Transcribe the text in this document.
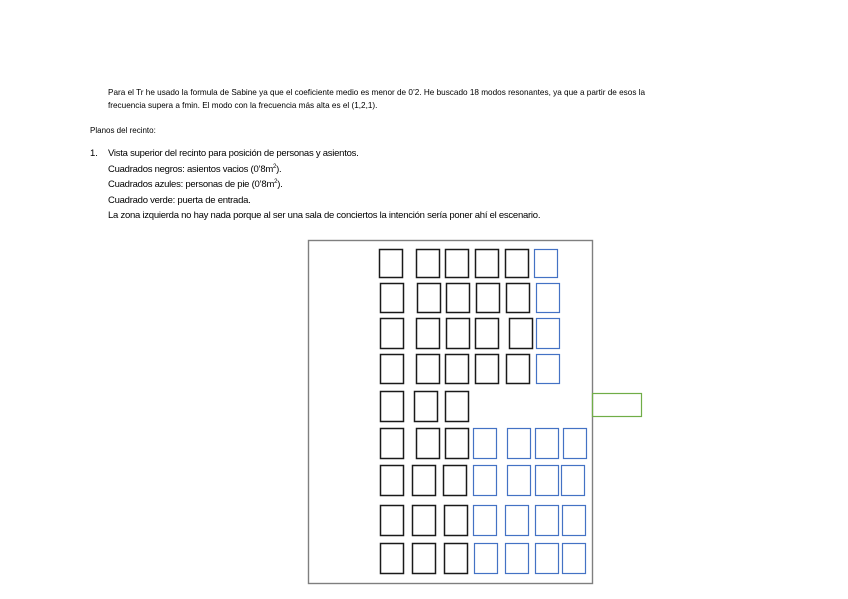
Para el Tr he usado la formula de Sabine ya que el coeficiente medio es menor de 0’2. He buscado 18 modos resonantes, ya que a partir de esos la
frecuencia supera a fmin. El modo con la frecuencia más alta es el (1,2,1).
Planos del recinto:
1. Vista superior del recinto para posición de personas y asientos.
Cuadrados negros: asientos vacios $(0’8m^2)$.
Cuadrados azules: personas de pie $(0’8m^2)$.
Cuadrado verde: puerta de entrada.
La zona izquierda no hay nada porque al ser una sala de conciertos la intención sería poner ahí el escenario.
